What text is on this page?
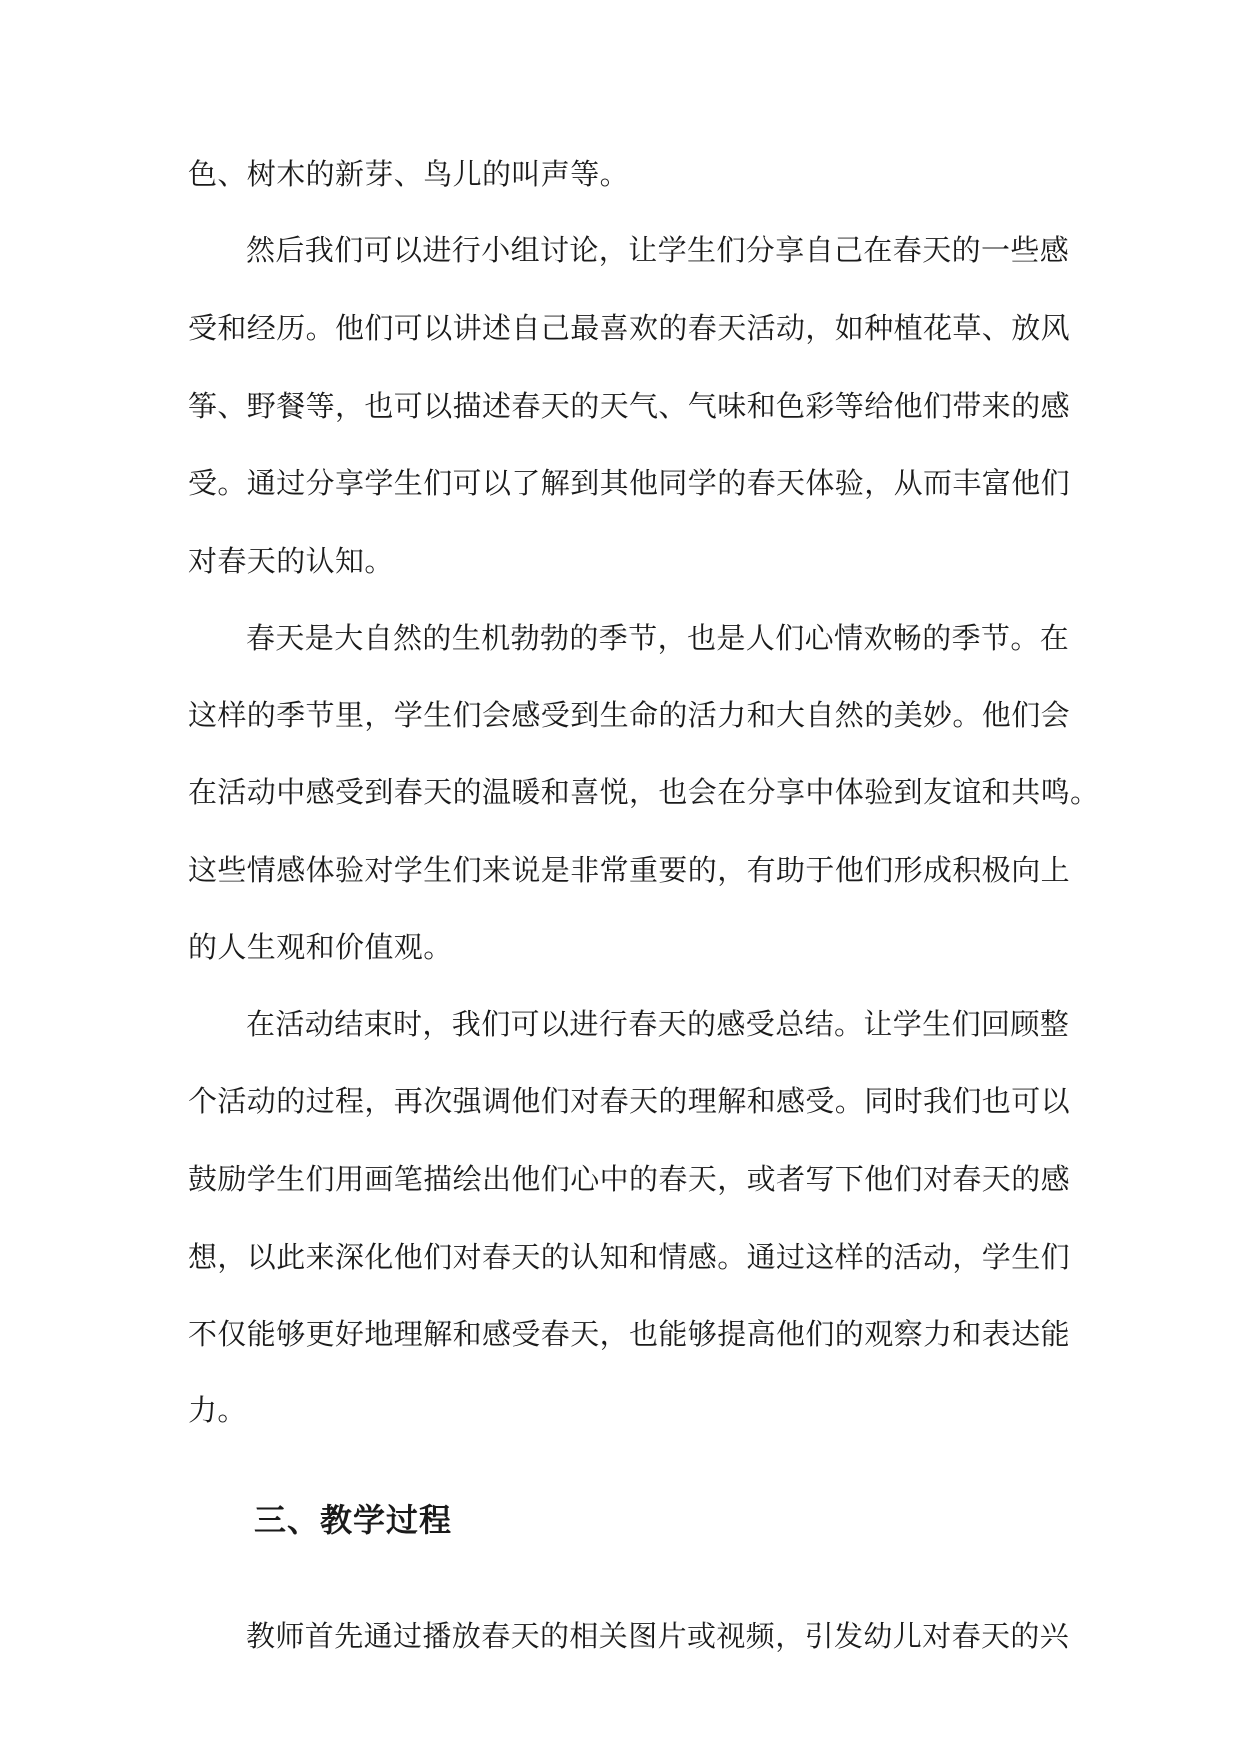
色、树木的新芽、鸟儿的叫声等。
然后我们可以进行小组讨论，让学生们分享自己在春天的一些感
受和经历。他们可以讲述自己最喜欢的春天活动，如种植花草、放风
筝、野餐等，也可以描述春天的天气、气味和色彩等给他们带来的感
受。通过分享学生们可以了解到其他同学的春天体验，从而丰富他们
对春天的认知。
春天是大自然的生机勃勃的季节，也是人们心情欢畅的季节。在
这样的季节里，学生们会感受到生命的活力和大自然的美妙。他们会
在活动中感受到春天的温暖和喜悦，也会在分享中体验到友谊和共鸣。
这些情感体验对学生们来说是非常重要的，有助于他们形成积极向上
的人生观和价值观。
在活动结束时，我们可以进行春天的感受总结。让学生们回顾整
个活动的过程，再次强调他们对春天的理解和感受。同时我们也可以
鼓励学生们用画笔描绘出他们心中的春天，或者写下他们对春天的感
想，以此来深化他们对春天的认知和情感。通过这样的活动，学生们
不仅能够更好地理解和感受春天，也能够提高他们的观察力和表达能
力。
三、教学过程
教师首先通过播放春天的相关图片或视频，引发幼儿对春天的兴
